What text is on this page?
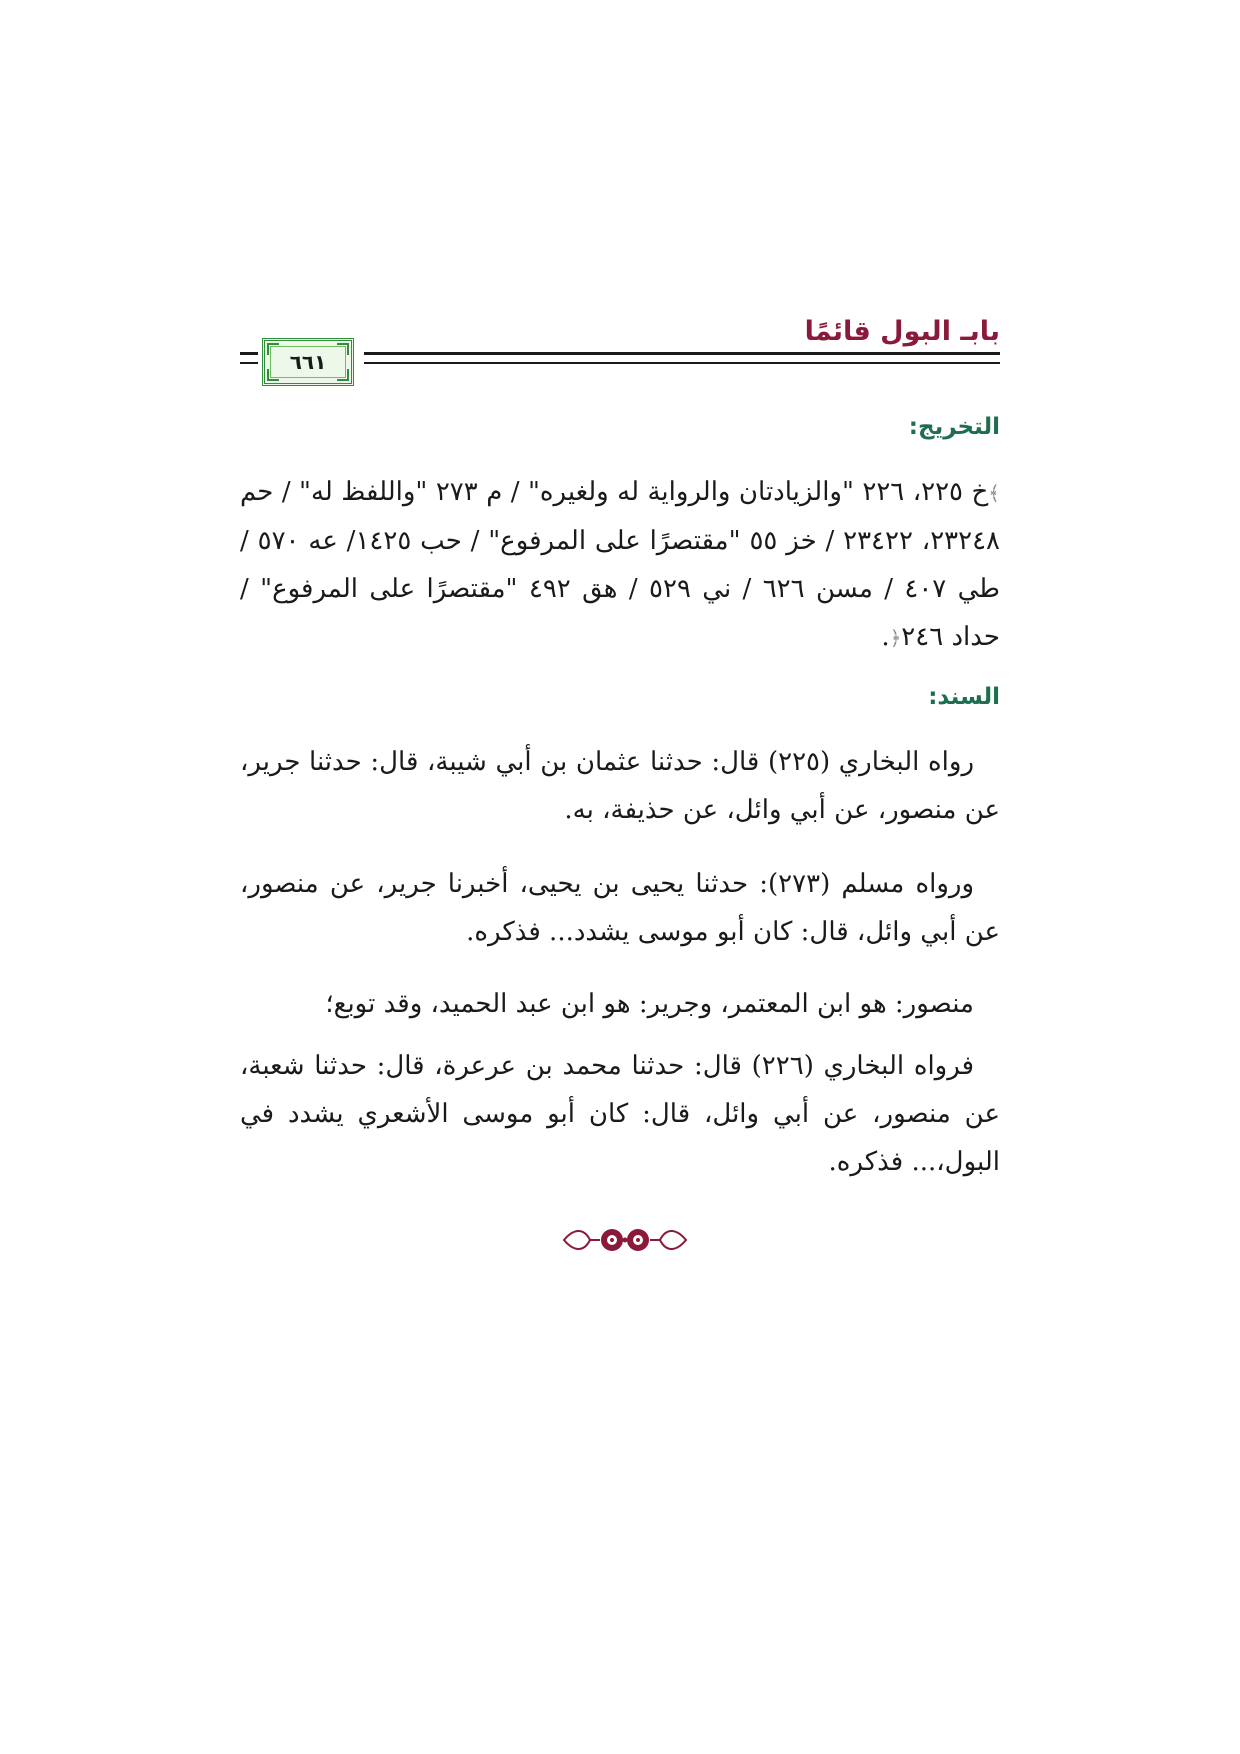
بابـ البول قائمًا
٦٦١
التخريج:

﴾خ ٢٢٥، ٢٢٦ "والزيادتان والرواية له ولغيره" / م ٢٧٣ "واللفظ له" / حم ٢٣٢٤٨، ٢٣٤٢٢ / خز ٥٥ "مقتصرًا على المرفوع" / حب ١٤٢٥/ عه ٥٧٠ / طي ٤٠٧ / مسن ٦٢٦ / ني ٥٢٩ / هق ٤٩٢ "مقتصرًا على المرفوع" / حداد ٢٤٦﴿.

السند:

رواه البخاري (٢٢٥) قال: حدثنا عثمان بن أبي شيبة، قال: حدثنا جرير، عن منصور، عن أبي وائل، عن حذيفة، به.

ورواه مسلم (٢٧٣): حدثنا يحيى بن يحيى، أخبرنا جرير، عن منصور، عن أبي وائل، قال: كان أبو موسى يشدد... فذكره.

منصور: هو ابن المعتمر، وجرير: هو ابن عبد الحميد، وقد توبع؛

فرواه البخاري (٢٢٦) قال: حدثنا محمد بن عرعرة، قال: حدثنا شعبة، عن منصور، عن أبي وائل، قال: كان أبو موسى الأشعري يشدد في البول،... فذكره.
